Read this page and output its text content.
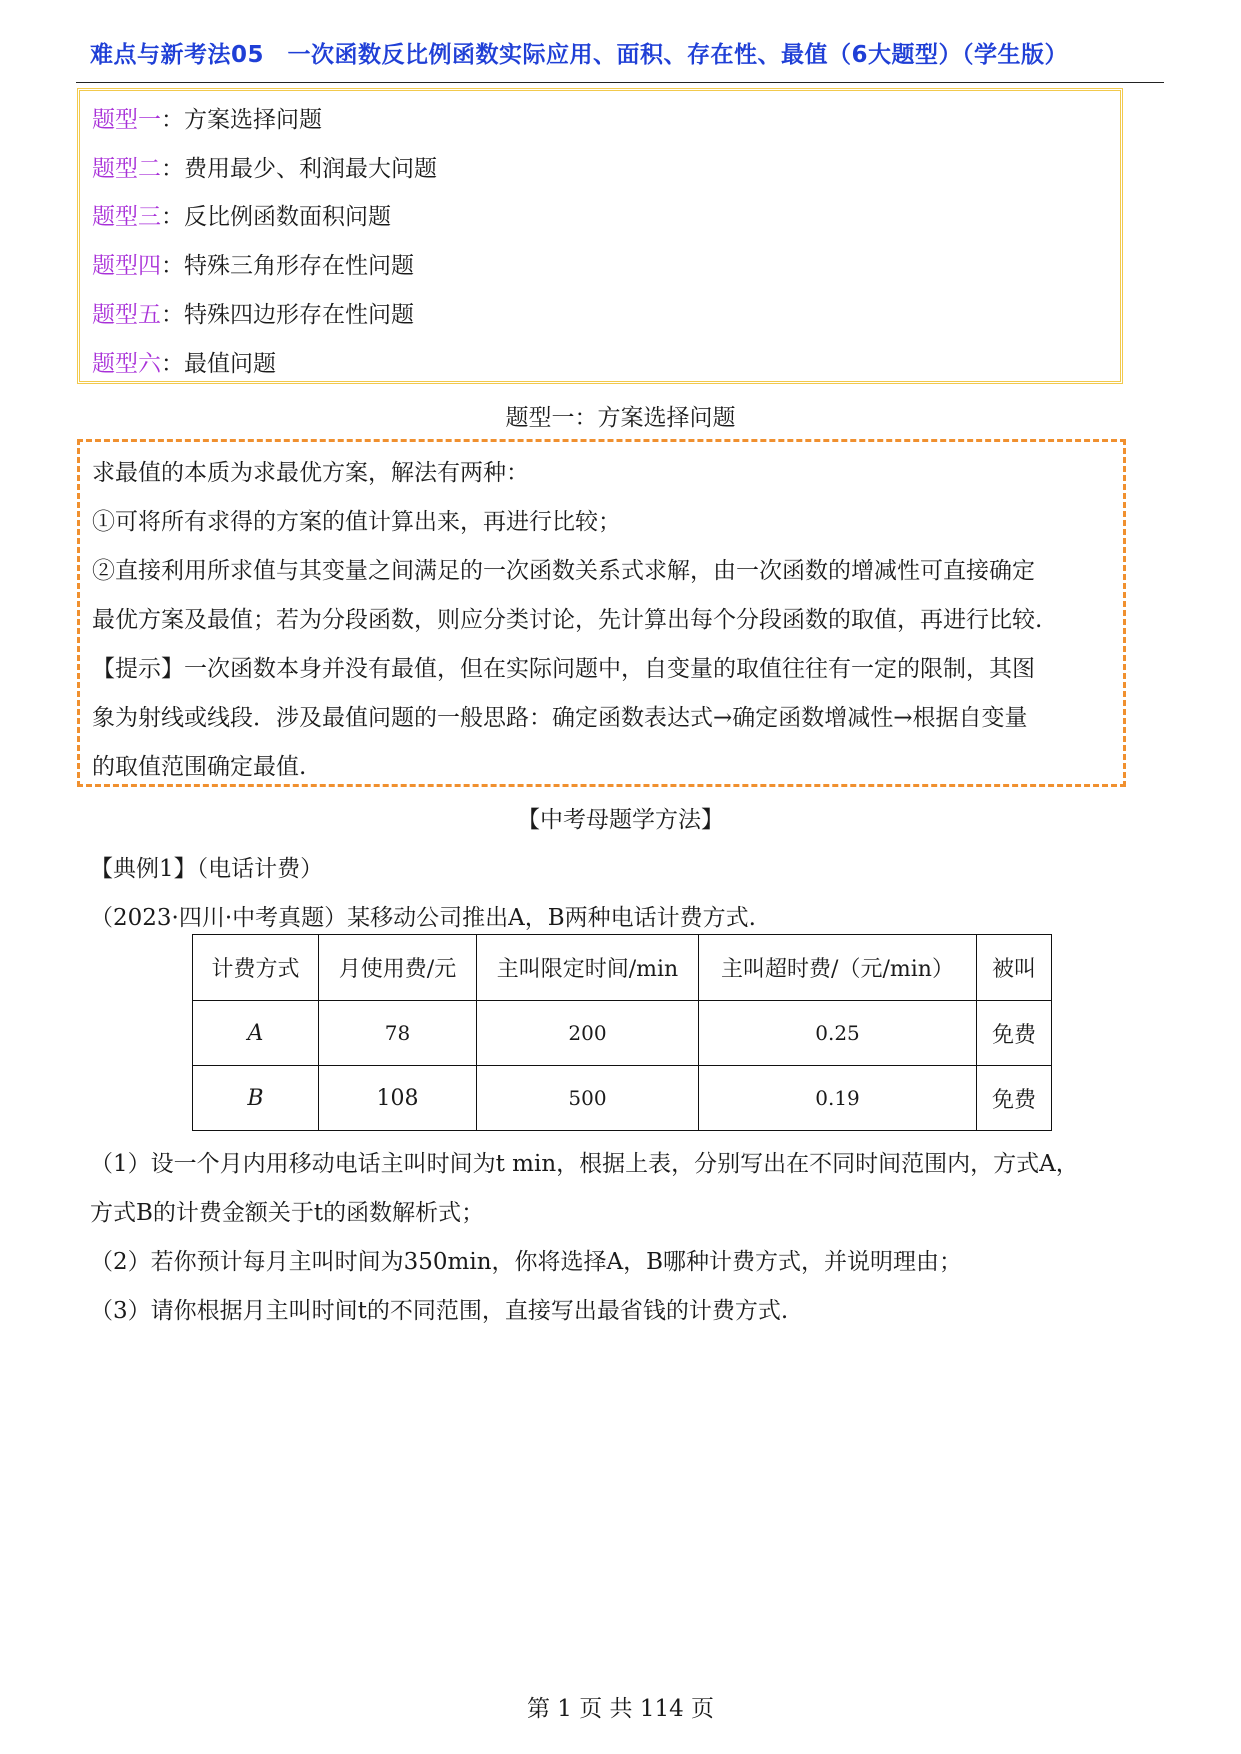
难点与新考法05　一次函数反比例函数实际应用、面积、存在性、最值（6大题型）（学生版）
题型一：方案选择问题
题型二：费用最少、利润最大问题
题型三：反比例函数面积问题
题型四：特殊三角形存在性问题
题型五：特殊四边形存在性问题
题型六：最值问题
题型一：方案选择问题
求最值的本质为求最优方案，解法有两种：
①可将所有求得的方案的值计算出来，再进行比较；
②直接利用所求值与其变量之间满足的一次函数关系式求解，由一次函数的增减性可直接确定
最优方案及最值；若为分段函数，则应分类讨论，先计算出每个分段函数的取值，再进行比较.
【提示】一次函数本身并没有最值，但在实际问题中，自变量的取值往往有一定的限制，其图
象为射线或线段．涉及最值问题的一般思路：确定函数表达式→确定函数增减性→根据自变量
的取值范围确定最值.
【中考母题学方法】
【典例1】（电话计费）
（2023·四川·中考真题）某移动公司推出A，B两种电话计费方式.
计费方式	月使用费/元	主叫限定时间/min	主叫超时费/（元/min）	被叫
A	78	200	0.25	免费
B	108	500	0.19	免费
（1）设一个月内用移动电话主叫时间为t min，根据上表，分别写出在不同时间范围内，方式A，
方式B的计费金额关于t的函数解析式；
（2）若你预计每月主叫时间为350min，你将选择A，B哪种计费方式，并说明理由；
（3）请你根据月主叫时间t的不同范围，直接写出最省钱的计费方式.
第 1 页 共 114 页
